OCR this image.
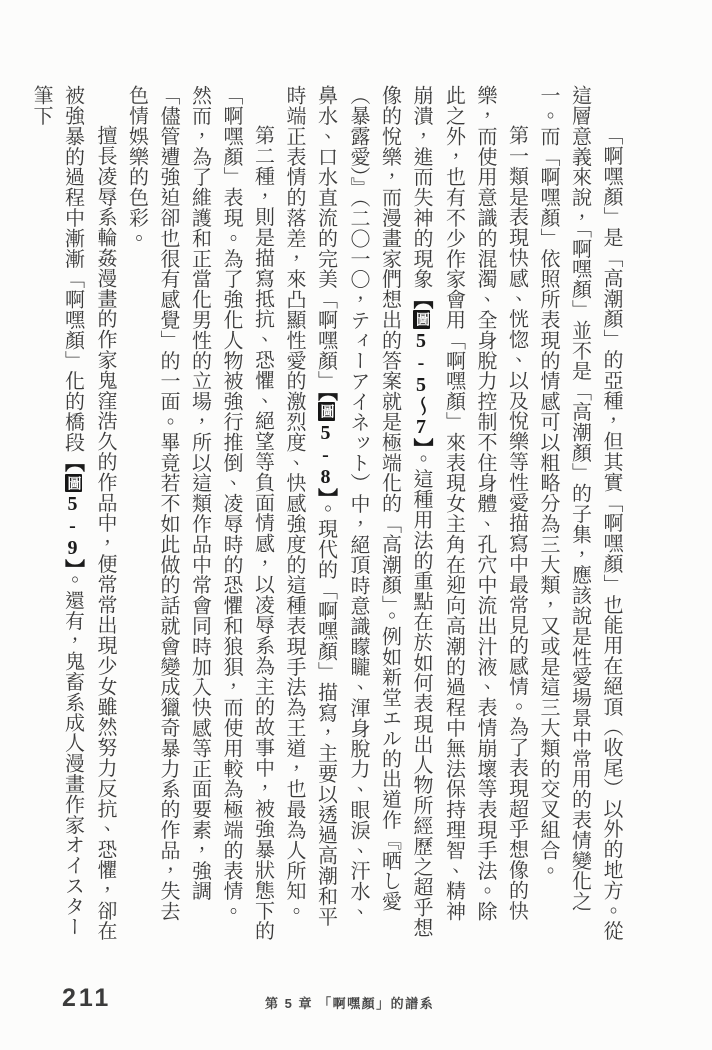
「啊嘿顏」是「高潮顏」的亞種，但其實「啊嘿顏」也能用在絕頂（收尾）以外的地方。從這層意義來說，「啊嘿顏」並不是「高潮顏」的子集，應該說是性愛場景中常用的表情變化之一。而「啊嘿顏」依照所表現的情感可以粗略分為三大類，又或是這三大類的交叉組合。

第一類是表現快感、恍惚、以及悅樂等性愛描寫中最常見的感情。為了表現超乎想像的快樂，而使用意識的混濁、全身脫力控制不住身體、孔穴中流出汁液、表情崩壞等表現手法。除此之外，也有不少作家會用「啊嘿顏」來表現女主角在迎向高潮的過程中無法保持理智、精神崩潰，進而失神的現象【圖5-5～7】。這種用法的重點在於如何表現出人物所經歷之超乎想像的悅樂，而漫畫家們想出的答案就是極端化的「高潮顏」。例如新堂エル的出道作『晒し愛（暴露愛）』（二〇一〇，ティーアイネット）中，絕頂時意識矇矓、渾身脫力、眼淚、汗水、鼻水、口水直流的完美「啊嘿顏」【圖5-8】。現代的「啊嘿顏」描寫，主要以透過高潮和平時端正表情的落差，來凸顯性愛的激烈度、快感強度的這種表現手法為王道，也最為人所知。

第二種，則是描寫抵抗、恐懼、絕望等負面情感，以凌辱系為主的故事中，被強暴狀態下的「啊嘿顏」表現。為了強化人物被強行推倒、凌辱時的恐懼和狼狽，而使用較為極端的表情。然而，為了維護和正當化男性的立場，所以這類作品中常會同時加入快感等正面要素，強調「儘管遭強迫卻也很有感覺」的一面。畢竟若不如此做的話就會變成獵奇暴力系的作品，失去色情娛樂的色彩。

擅長凌辱系輪姦漫畫的作家鬼窪浩久的作品中，便常常出現少女雖然努力反抗、恐懼，卻在被強暴的過程中漸漸「啊嘿顏」化的橋段【圖5-9】。還有，鬼畜系成人漫畫作家オイスター筆下

211	第 5 章 「啊嘿顏」的譜系
